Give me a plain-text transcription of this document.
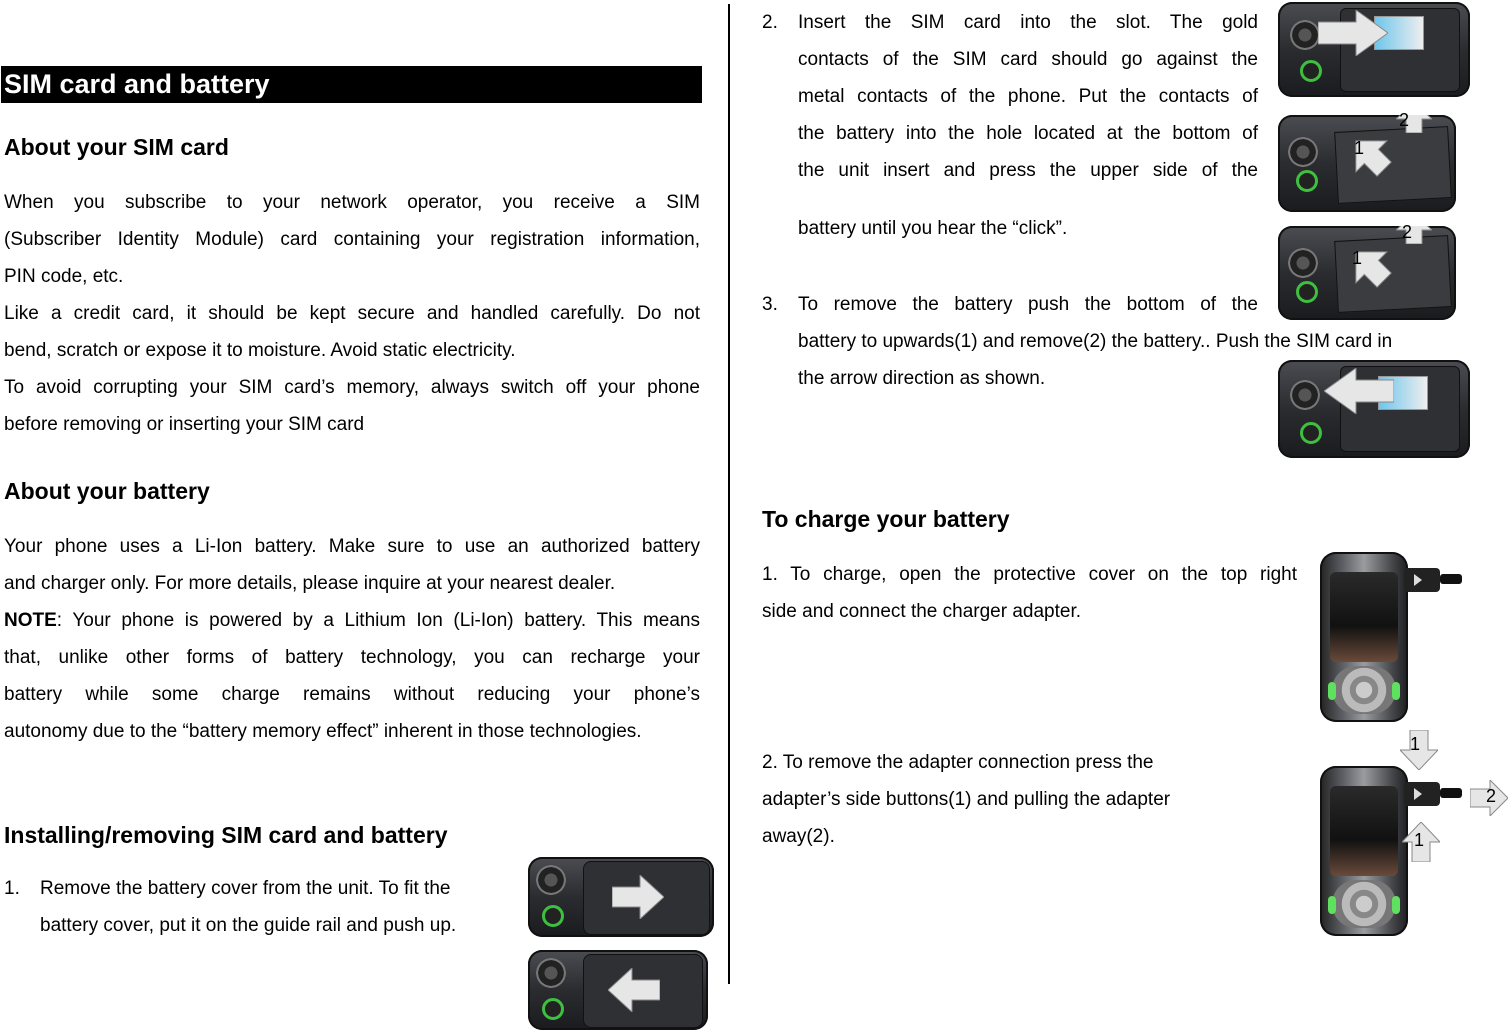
SIM card and battery
About your SIM card
When you subscribe to your network operator, you receive a SIM
(Subscriber Identity Module) card containing your registration information,
PIN code, etc.
Like a credit card, it should be kept secure and handled carefully. Do not
bend, scratch or expose it to moisture. Avoid static electricity.
To avoid corrupting your SIM card’s memory, always switch off your phone
before removing or inserting your SIM card
About your battery
Your phone uses a Li-Ion battery. Make sure to use an authorized battery
and charger only. For more details, please inquire at your nearest dealer.
NOTE: Your phone is powered by a Lithium Ion (Li-Ion) battery. This means
that, unlike other forms of battery technology, you can recharge your
battery while some charge remains without reducing your phone’s
autonomy due to the “battery memory effect” inherent in those technologies.
Installing/removing SIM card and battery
1. Remove the battery cover from the unit. To fit the
battery cover, put it on the guide rail and push up.
2. Insert the SIM card into the slot. The gold
contacts of the SIM card should go against the
metal contacts of the phone. Put the contacts of
the battery into the hole located at the bottom of
the unit insert and press the upper side of the
battery until you hear the “click”.
1
2
3. To remove the battery push the bottom of the
battery to upwards(1) and remove(2) the battery.. Push the SIM card in
the arrow direction as shown.
1
2
To charge your battery
1. To charge, open the protective cover on the top right
side and connect the charger adapter.
2. To remove the adapter connection press the
adapter’s side buttons(1) and pulling the adapter
away(2).
1
1
2
